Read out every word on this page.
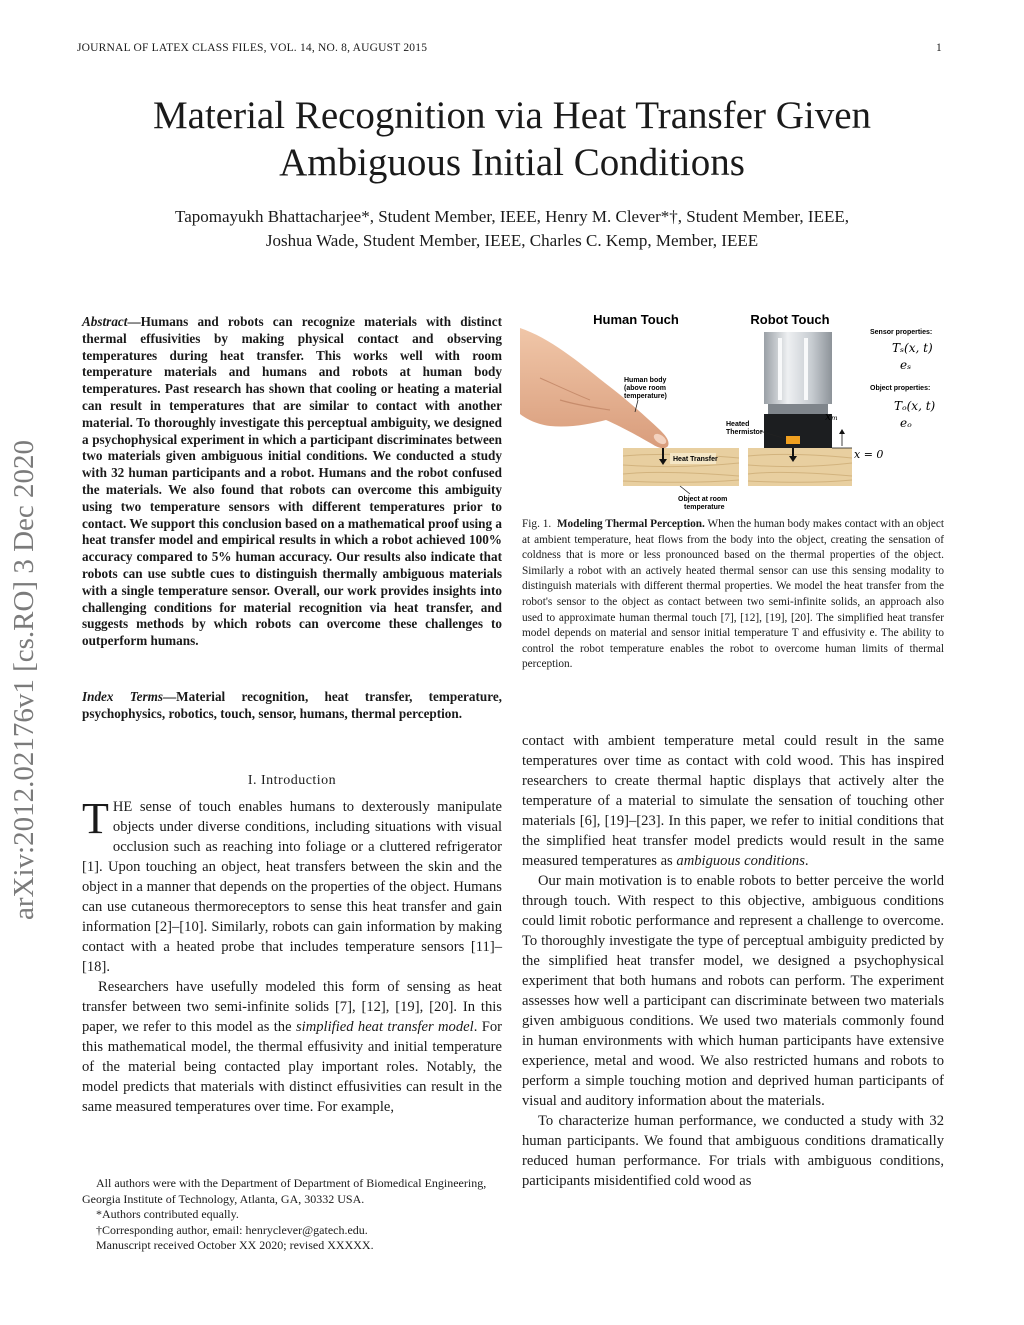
JOURNAL OF LATEX CLASS FILES, VOL. 14, NO. 8, AUGUST 2015	1
Material Recognition via Heat Transfer Given
Ambiguous Initial Conditions
Tapomayukh Bhattacharjee*, Student Member, IEEE, Henry M. Clever*†, Student Member, IEEE,
Joshua Wade, Student Member, IEEE, Charles C. Kemp, Member, IEEE
arXiv:2012.02176v1 [cs.RO] 3 Dec 2020
Abstract—Humans and robots can recognize materials with distinct thermal effusivities by making physical contact and observing temperatures during heat transfer. This works well with room temperature materials and humans and robots at human body temperatures. Past research has shown that cooling or heating a material can result in temperatures that are similar to contact with another material. To thoroughly investigate this perceptual ambiguity, we designed a psychophysical experiment in which a participant discriminates between two materials given ambiguous initial conditions. We conducted a study with 32 human participants and a robot. Humans and the robot confused the materials. We also found that robots can overcome this ambiguity using two temperature sensors with different temperatures prior to contact. We support this conclusion based on a mathematical proof using a heat transfer model and empirical results in which a robot achieved 100% accuracy compared to 5% human accuracy. Our results also indicate that robots can use subtle cues to distinguish thermally ambiguous materials with a single temperature sensor. Overall, our work provides insights into challenging conditions for material recognition via heat transfer, and suggests methods by which robots can overcome these challenges to outperform humans.
Index Terms—Material recognition, heat transfer, temperature, psychophysics, robotics, touch, sensor, humans, thermal perception.
I. Introduction

THE sense of touch enables humans to dexterously manipulate objects under diverse conditions, including situations with visual occlusion such as reaching into foliage or a cluttered refrigerator [1]. Upon touching an object, heat transfers between the skin and the object in a manner that depends on the properties of the object. Humans can use cutaneous thermoreceptors to sense this heat transfer and gain information [2]–[10]. Similarly, robots can gain information by making contact with a heated probe that includes temperature sensors [11]–[18].

Researchers have usefully modeled this form of sensing as heat transfer between two semi-infinite solids [7], [12], [19], [20]. In this paper, we refer to this model as the simplified heat transfer model. For this mathematical model, the thermal effusivity and initial temperature of the material being contacted play important roles. Notably, the model predicts that materials with distinct effusivities can result in the same measured temperatures over time. For example,

All authors were with the Department of Department of Biomedical Engineering, Georgia Institute of Technology, Atlanta, GA, 30332 USA.

*Authors contributed equally.

†Corresponding author, email: henryclever@gatech.edu.

Manuscript received October XX 2020; revised XXXXX.

Human Touch	Robot Touch
Human body
(above room
temperature)
Heat Transfer
Object at room
temperature
Heated
Thermistor
xₘ
x = 0
Sensor properties:
Tₛ(x, t)
eₛ
Object properties:
Tₒ(x, t)
eₒ
Fig. 1. Modeling Thermal Perception. When the human body makes contact with an object at ambient temperature, heat flows from the body into the object, creating the sensation of coldness that is more or less pronounced based on the thermal properties of the object. Similarly a robot with an actively heated thermal sensor can use this sensing modality to distinguish materials with different thermal properties. We model the heat transfer from the robot's sensor to the object as contact between two semi-infinite solids, an approach also used to approximate human thermal touch [7], [12], [19], [20]. The simplified heat transfer model depends on material and sensor initial temperature T and effusivity e. The ability to control the robot temperature enables the robot to overcome human limits of thermal perception.

contact with ambient temperature metal could result in the same temperatures over time as contact with cold wood. This has inspired researchers to create thermal haptic displays that actively alter the temperature of a material to simulate the sensation of touching other materials [6], [19]–[23]. In this paper, we refer to initial conditions that the simplified heat transfer model predicts would result in the same measured temperatures as ambiguous conditions.

Our main motivation is to enable robots to better perceive the world through touch. With respect to this objective, ambiguous conditions could limit robotic performance and represent a challenge to overcome. To thoroughly investigate the type of perceptual ambiguity predicted by the simplified heat transfer model, we designed a psychophysical experiment that both humans and robots can perform. The experiment assesses how well a participant can discriminate between two materials given ambiguous conditions. We used two materials commonly found in human environments with which human participants have extensive experience, metal and wood. We also restricted humans and robots to perform a simple touching motion and deprived human participants of visual and auditory information about the materials.

To characterize human performance, we conducted a study with 32 human participants. We found that ambiguous conditions dramatically reduced human performance. For trials with ambiguous conditions, participants misidentified cold wood as
